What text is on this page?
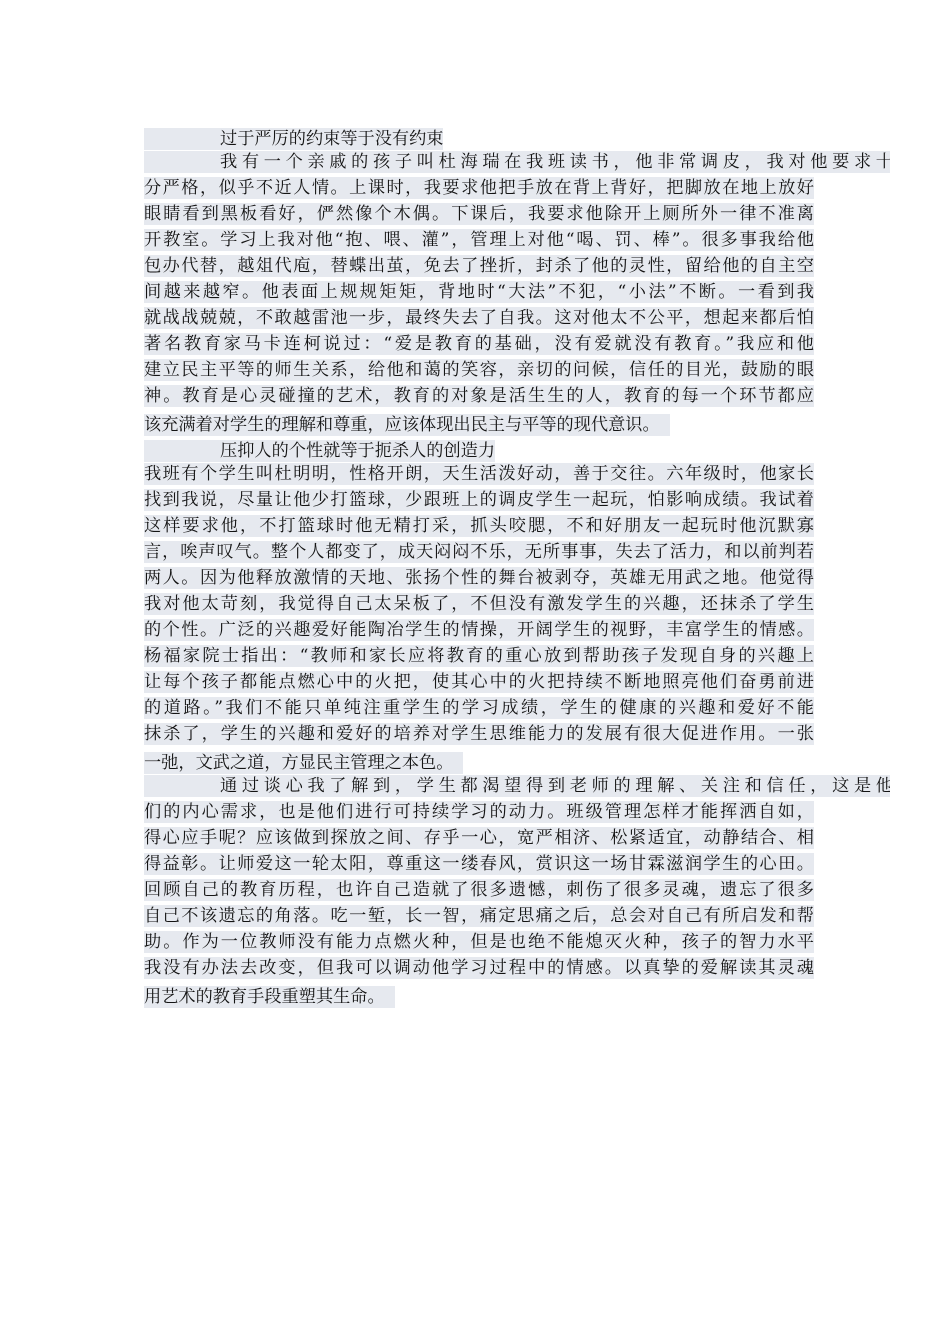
过于严厉的约束等于没有约束
我有一个亲戚的孩子叫杜海瑞在我班读书，他非常调皮，我对他要求十
分严格，似乎不近人情。上课时，我要求他把手放在背上背好，把脚放在地上放好
眼睛看到黑板看好，俨然像个木偶。下课后，我要求他除开上厕所外一律不准离
开教室。学习上我对他“抱、喂、灌”，管理上对他“喝、罚、棒”。很多事我给他
包办代替，越俎代庖，替蝶出茧，免去了挫折，封杀了他的灵性，留给他的自主空
间越来越窄。他表面上规规矩矩，背地时“大法”不犯，“小法”不断。一看到我
就战战兢兢，不敢越雷池一步，最终失去了自我。这对他太不公平，想起来都后怕
著名教育家马卡连柯说过：“爱是教育的基础，没有爱就没有教育。”我应和他
建立民主平等的师生关系，给他和蔼的笑容，亲切的问候，信任的目光，鼓励的眼
神。教育是心灵碰撞的艺术，教育的对象是活生生的人，教育的每一个环节都应
该充满着对学生的理解和尊重，应该体现出民主与平等的现代意识。
压抑人的个性就等于扼杀人的创造力
我班有个学生叫杜明明，性格开朗，天生活泼好动，善于交往。六年级时，他家长
找到我说，尽量让他少打篮球，少跟班上的调皮学生一起玩，怕影响成绩。我试着
这样要求他，不打篮球时他无精打采，抓头咬腮，不和好朋友一起玩时他沉默寡
言，唉声叹气。整个人都变了，成天闷闷不乐，无所事事，失去了活力，和以前判若
两人。因为他释放激情的天地、张扬个性的舞台被剥夺，英雄无用武之地。他觉得
我对他太苛刻，我觉得自己太呆板了，不但没有激发学生的兴趣，还抹杀了学生
的个性。广泛的兴趣爱好能陶冶学生的情操，开阔学生的视野，丰富学生的情感。
杨福家院士指出：“教师和家长应将教育的重心放到帮助孩子发现自身的兴趣上
让每个孩子都能点燃心中的火把，使其心中的火把持续不断地照亮他们奋勇前进
的道路。”我们不能只单纯注重学生的学习成绩，学生的健康的兴趣和爱好不能
抹杀了，学生的兴趣和爱好的培养对学生思维能力的发展有很大促进作用。一张
一弛，文武之道，方显民主管理之本色。
通过谈心我了解到，学生都渴望得到老师的理解、关注和信任，这是他
们的内心需求，也是他们进行可持续学习的动力。班级管理怎样才能挥洒自如，
得心应手呢？应该做到探放之间、存乎一心，宽严相济、松紧适宜，动静结合、相
得益彰。让师爱这一轮太阳，尊重这一缕春风，赏识这一场甘霖滋润学生的心田。
回顾自己的教育历程，也许自己造就了很多遗憾，刺伤了很多灵魂，遗忘了很多
自己不该遗忘的角落。吃一堑，长一智，痛定思痛之后，总会对自己有所启发和帮
助。作为一位教师没有能力点燃火种，但是也绝不能熄灭火种，孩子的智力水平
我没有办法去改变，但我可以调动他学习过程中的情感。以真挚的爱解读其灵魂
用艺术的教育手段重塑其生命。
